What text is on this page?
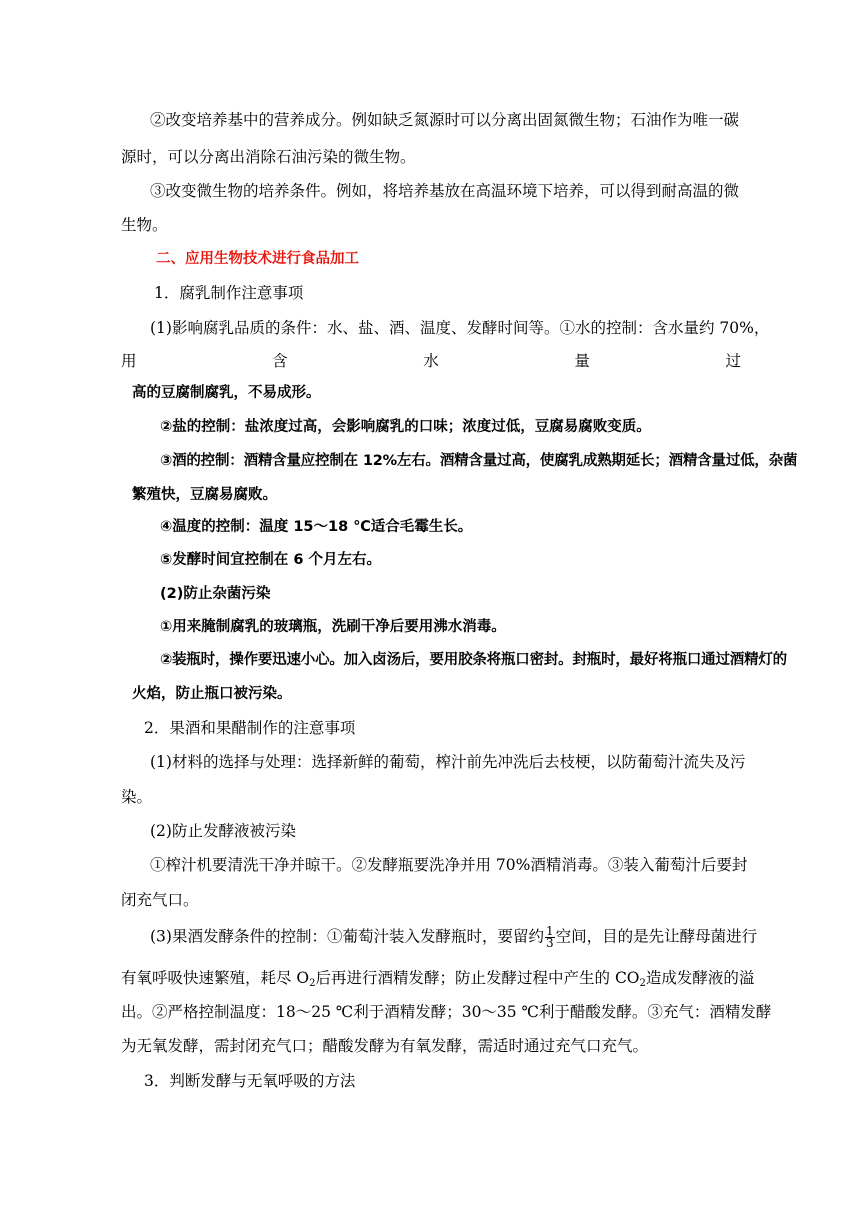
②改变培养基中的营养成分。例如缺乏氮源时可以分离出固氮微生物；石油作为唯一碳
源时，可以分离出消除石油污染的微生物。
③改变微生物的培养条件。例如，将培养基放在高温环境下培养，可以得到耐高温的微
生物。
二、应用生物技术进行食品加工
1．腐乳制作注意事项
(1)影响腐乳品质的条件：水、盐、酒、温度、发酵时间等。①水的控制：含水量约 70%，
用	含	水	量	过
高的豆腐制腐乳，不易成形。
②盐的控制：盐浓度过高，会影响腐乳的口味；浓度过低，豆腐易腐败变质。
③酒的控制：酒精含量应控制在 12%左右。酒精含量过高，使腐乳成熟期延长；酒精含量过低，杂菌
繁殖快，豆腐易腐败。
④温度的控制：温度 15～18 ℃适合毛霉生长。
⑤发酵时间宜控制在 6 个月左右。
(2)防止杂菌污染
①用来腌制腐乳的玻璃瓶，洗刷干净后要用沸水消毒。
②装瓶时，操作要迅速小心。加入卤汤后，要用胶条将瓶口密封。封瓶时，最好将瓶口通过酒精灯的
火焰，防止瓶口被污染。
2．果酒和果醋制作的注意事项
(1)材料的选择与处理：选择新鲜的葡萄，榨汁前先冲洗后去枝梗，以防葡萄汁流失及污
染。
(2)防止发酵液被污染
①榨汁机要清洗干净并晾干。②发酵瓶要洗净并用 70%酒精消毒。③装入葡萄汁后要封
闭充气口。
(3)果酒发酵条件的控制：①葡萄汁装入发酵瓶时，要留约 $\frac{1}{3}$ 空间，目的是先让酵母菌进行
有氧呼吸快速繁殖，耗尽 $O_2$后再进行酒精发酵；防止发酵过程中产生的 $CO_2$造成发酵液的溢
出。②严格控制温度：18～25 ℃利于酒精发酵；30～35 ℃利于醋酸发酵。③充气：酒精发酵
为无氧发酵，需封闭充气口；醋酸发酵为有氧发酵，需适时通过充气口充气。
3．判断发酵与无氧呼吸的方法
